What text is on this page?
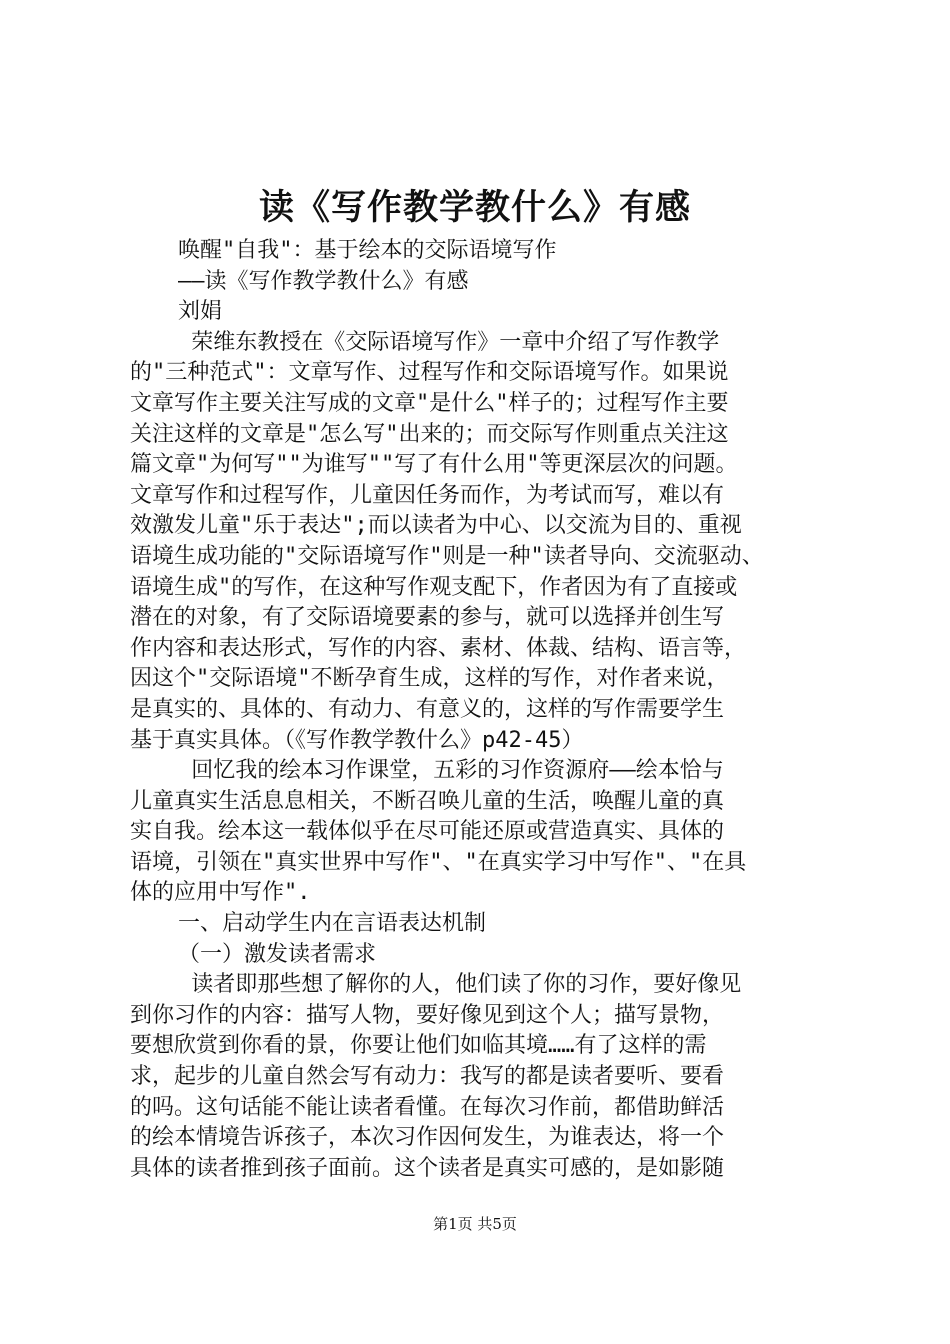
读《写作教学教什么》有感
唤醒"自我"：基于绘本的交际语境写作
——读《写作教学教什么》有感
刘娟
荣维东教授在《交际语境写作》一章中介绍了写作教学
的"三种范式"：文章写作、过程写作和交际语境写作。如果说
文章写作主要关注写成的文章"是什么"样子的；过程写作主要
关注这样的文章是"怎么写"出来的；而交际写作则重点关注这
篇文章"为何写""为谁写""写了有什么用"等更深层次的问题。
文章写作和过程写作，儿童因任务而作，为考试而写，难以有
效激发儿童"乐于表达";而以读者为中心、以交流为目的、重视
语境生成功能的"交际语境写作"则是一种"读者导向、交流驱动、
语境生成"的写作，在这种写作观支配下，作者因为有了直接或
潜在的对象，有了交际语境要素的参与，就可以选择并创生写
作内容和表达形式，写作的内容、素材、体裁、结构、语言等，
因这个"交际语境"不断孕育生成，这样的写作，对作者来说，
是真实的、具体的、有动力、有意义的，这样的写作需要学生
基于真实具体。（《写作教学教什么》p42-45）
回忆我的绘本习作课堂，五彩的习作资源府——绘本恰与
儿童真实生活息息相关，不断召唤儿童的生活，唤醒儿童的真
实自我。绘本这一载体似乎在尽可能还原或营造真实、具体的
语境，引领在"真实世界中写作"、"在真实学习中写作"、"在具
体的应用中写作".
一、启动学生内在言语表达机制
（一）激发读者需求
读者即那些想了解你的人，他们读了你的习作，要好像见
到你习作的内容：描写人物，要好像见到这个人；描写景物，
要想欣赏到你看的景，你要让他们如临其境……有了这样的需
求，起步的儿童自然会写有动力：我写的都是读者要听、要看
的吗。这句话能不能让读者看懂。在每次习作前，都借助鲜活
的绘本情境告诉孩子，本次习作因何发生，为谁表达，将一个
具体的读者推到孩子面前。这个读者是真实可感的，是如影随
第1页 共5页
